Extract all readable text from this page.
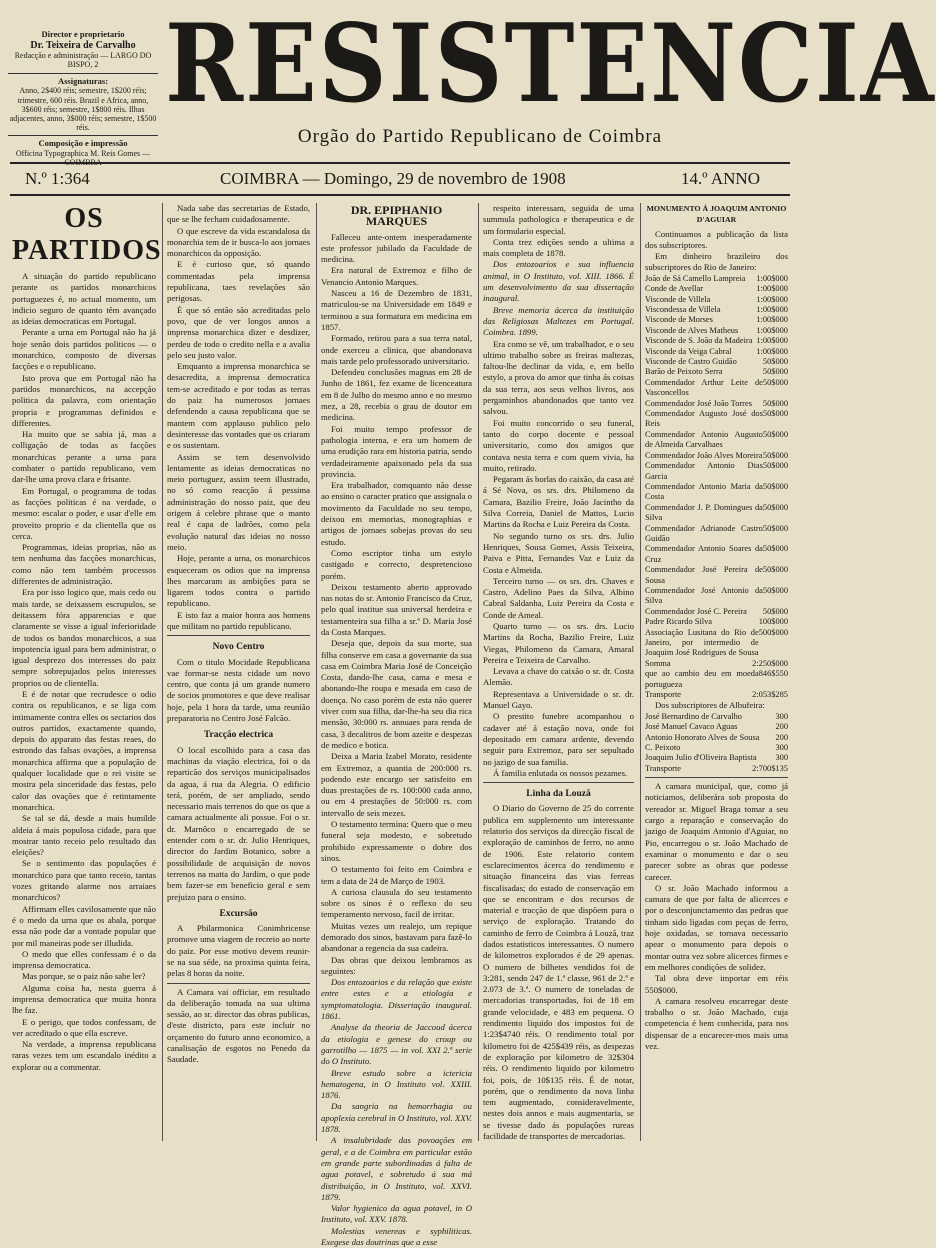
Director e proprietario
Dr. Teixeira de Carvalho
Redacção e administração — LARGO DO BISPO, 2
Assignaturas:
Anno, 2$400 réis; semestre, 1$200 réis; trimestre, 600 réis. Brazil e Africa, anno, 3$600 réis; semestre, 1$800 réis. Ilhas adjacentes, anno, 3$000 réis; semestre, 1$500 réis.
Composição e impressão
Officina Typographica M. Reis Gomes — COIMBRA
RESISTENCIA
Orgão do Partido Republicano de Coimbra
N.º 1:364	COIMBRA — Domingo, 29 de novembro de 1908	14.º ANNO
OS PARTIDOS

A situação do partido republicano perante os partidos monarchicos portuguezes é, no actual momento, um indicio seguro de quanto têm avançado as ideias democraticas em Portugal.

Perante a urna em Portugal não ha já hoje senão dois partidos politicos — o monarchico, composto de diversas facções e o republicano.

Isto prova que em Portugal não ha partidos monarchicos, na accepção politica da palavra, com orientação propria e programmas definidos e differentes.

Ha muito que se sabia já, mas a colligação de todas as facções monarchicas perante a urna para combater o partido republicano, vem dar-lhe uma prova clara e frisante.

Em Portugal, o programma de todas as facções politicas é na verdade, o mesmo: escalar o poder, e usar d'elle em proveito proprio e da clientella que os cerca.

Programmas, ideias proprias, não as tem nenhuma das facções monarchicas, como não tem também processos differentes de administração.

Era por isso logico que, mais cedo ou mais tarde, se deixassem escrupulos, se deitassem fóra apparencias e que claramente se visse a igual inferioridade de todos os bandos monarchicos, a sua impotencia igual para bem administrar, o igual desprezo dos interesses do paiz sempre sobrepujados pelos interesses proprios ou de clientella.

E é de notar que recrudesce o odio contra os republicanos, e se liga com intimamente contra elles os sectarios dos outros partidos, exactamente quando, depois do apparato das festas reaes, do estrondo das falsas ovações, a imprensa monarchica affirma que a população de qualquer localidade que o rei visite se mostra pela sinceridade das festas, pelo calor das ovações que é retintamente monarchica.

Se tal se dá, desde a mais humilde aldeia á mais populosa cidade, para que mostrar tanto receio pelo resultado das eleições?

Se o sentimento das populações é monarchico para que tanto receio, tantas vozes gritando alarme nos arraiaes monarchicos?

Affirmam elles cavilosamente que não é o medo da urna que os abala, porque essa não pode dar a vontade popular que por mil maneiras pode ser illudida.

O medo que elles confessam é o da imprensa democratica.

Mas porque, se o paiz não sabe ler?

Alguma coisa ha, nesta guerra á imprensa democratica que muita honra lhe faz.

E o perigo, que todos confessam, de ver acreditado o que ella escreve.

Na verdade, a imprensa republicana raras vezes tem um escandalo inédito a explorar ou a commentar.

Nada sabe das secretarias de Estado, que se lhe fecham cuidadosamente.

O que escreve da vida escandalosa da monarchia tem de ir busca-lo aos jornaes monarchicos da opposição.

E é curioso que, só quando commentadas pela imprensa republicana, taes revelações são perigosas.

É que só então são acreditadas pelo povo, que de ver longos annos a imprensa monarchica dizer e desdizer, perdeu de todo o credito nella e a avalia pelo seu justo valor.

Emquanto a imprensa monarchica se desacredita, a imprensa democratica tem-se acreditado e por todas as terras do paiz ha numerosos jornaes defendendo a causa republicana que se mantem com applauso publico pelo desinteresse das vontades que os criaram e os sustentam.

Assim se tem desenvolvido lentamente as ideias democraticas no meio portuguez, assim teem illustrado, no só como reacção á pessima administração do nosso paiz, que deu origem á celebre phrase que o manto real é capa de ladrões, como pela evolução natural das ideias no nosso meio.

Hoje, perante a urna, os monarchicos esqueceram os odios que na imprensa lhes marcaram as ambições para se ligarem todos contra o partido republicano.

E isto faz a maior honra aos homens que militam no partido republicano.

Novo Centro

Com o titulo Mocidade Republicana vae formar-se nesta cidade um novo centro, que conta já um grande numero de socios promotores e que deve realisar hoje, pela 1 hora da tarde, uma reunião preparatoria no Centro José Falcão.

Tracção electrica

O local escolhido para a casa das machinas da viação electrica, foi o da reparticão dos serviços municipalisados da agua, á rua da Alegria. O edificio terá, porém, de ser ampliado, sendo necessario mais terrenos do que os que a camara actualmente ali possue. Foi o sr. dr. Marnôco o encarregado de se entender com o sr. dr. Julio Henriques, director do Jardim Botanico, sobre a possibilidade de acquisição de novos terrenos na matta do Jardim, o que pode bem fazer-se em beneficio geral e sem prejuizo para o ensino.

Excursão

A Philarmonica Conimbricense promove uma viagem de recreio ao norte do paiz. Por esse motivo devem reunir-se na sua séde, na proxima quinta feira, pelas 8 horas da noite.

A Camara vai officiar, em resultado da deliberação tomada na sua ultima sessão, ao sr. director das obras publicas, d'este districto, para este incluir no orçamento do futuro anno economico, a canalisação de esgotos no Penedo da Saudade.

DR. EPIPHANIO MARQUES

Falleceu ante-ontem inesperadamente este professor jubilado da Faculdade de medicina.

Era natural de Extremoz e filho de Venancio Antonio Marques.

Nasceu a 16 de Dezembro de 1831, matriculou-se na Universidade em 1849 e terminou a sua formatura em medicina em 1857.

Formado, retirou para a sua terra natal, onde exerceu a clinica, que abandonava mais tarde pelo professorado universitario.

Defendeu conclusões magnas em 28 de Junho de 1861, fez exame de licenceatura em 8 de Julho do mesmo anno e no mesmo mez, a 28, recebia o grau de doutor em medicina.

Foi muito tempo professor de pathologia interna, e era um homem de uma erudição rara em historia patria, sendo verdadeiramente apaixonado pela da sua provincia.

Era trabalhador, comquanto não desse ao ensino o caracter pratico que assignala o movimento da Faculdade no seu tempo, deixou em memorias, monographias e artigos de jornaes sobejas provas do seu estudo.

Como escriptor tinha um estylo castigado e correcto, despretencioso porém.

Deixou testamento aberto approvado nas notas do sr. Antonio Francisco da Cruz, pelo qual institue sua universal herdeira e testamenteira sua filha a sr.ª D. Maria José da Costa Marques.

Deseja que, depois da sua morte, sua filha conserve em casa a governante da sua casa em Coimbra Maria José de Conceição Costa, dando-lhe casa, cama e mesa e abonando-lhe roupa e mesada em caso de doença. No caso porém de esta não querer viver com sua filha, dar-lhe-ha seu dia rica mensão, 30:000 rs. annuaes para renda de casa, 3 decalitros de bom azeite e despezas de medico e botica.

Deixa a Maria Izabel Morato, residente em Extremoz, a quantia de 200:000 rs. podendo este encargo ser satisfeito em duas prestações de rs. 100:000 cada anno, ou em 4 prestações de 50:000 rs. com intervallo de seis mezes.

O testamento termina: Quero que o meu funeral seja modesto, e sobretudo prohibido expressamente o dobre dos sinos.

O testamento foi feito em Coimbra e tem a data de 24 de Março de 1903.

A curiosa clausula do seu testamento sobre os sinos é o reflexo do seu temperamento nervoso, facil de irritar.

Muitas vezes um realejo, um repique demorado dos sinos, bastavam para fazê-lo abandonar a regencia da sua cadeira.

Das obras que deixou lembramos as seguintes:

Dos entozoarios e da relação que existe entre estes e a etiologia e symptomatologia. Dissertação inaugural. 1861.

Analyse da theoria de Jaccoud ácerca da etiologia e genese do croup ou garrotilho — 1875 — in vol. XXI 2.ª serie do O Instituto.

Breve estudo sobre a ictericia hematogena, in O Instituto vol. XXIII. 1876.

Da sangria na hemorrhagia ou apoplexia cerebral in O Instituto, vol. XXV. 1878.

A insalubridade das povoações em geral, e a de Coimbra em particular estão em grande parte subordinadas á falta de agua potavel, e sobretudo á sua má distribuição, in O Instituto, vol. XXVI. 1879.

Valor hygienico da agua potavel, in O Instituto, vol. XXV. 1878.

Molestias venereas e syphiliticas. Exegese das doutrinas que a esse

respeito interessam, seguida de uma summula pathologica e therapeutica e de um formulario especial.

Conta trez edições sendo a ultima a mais completa de 1878.

Dos entozoarios e sua influencia animal, in O Instituto, vol. XIII. 1866. É um desenvolvimento da sua dissertação inaugural.

Breve memoria ácerca da instituição das Religiosas Maltezes em Portugal. Coimbra. 1899.

Era como se vê, um trabalhador, e o seu ultimo trabalho sobre as freiras maltezas, faltou-lhe declinar da vida, e, em bello estylo, a prova do amor que tinha ás coisas da sua terra, aos seus velhos livros, aos pergaminhos abandonados que tanto vez salvou.

Foi muito concorrido o seu funeral, tanto do corpo docente e pessoal universitario, como dos amigos que contava nesta terra e com quem vivia, ha muito, retirado.

Pegaram ás borlas do caixão, da casa até á Sé Nova, os srs. drs. Philomeno da Camara, Bazilio Freire, João Jacintho da Silva Correia, Daniel de Mattos, Lucio Martins da Rocha e Luiz Pereira da Costa.

No segundo turno os srs. drs. Julio Henriques, Sousa Gomes, Assis Teixeira, Paiva e Pitta, Fernandes Vaz e Luiz da Costa e Almeida.

Terceiro turno — os srs. drs. Chaves e Castro, Adelino Paes da Silva, Albino Cabral Saldanha, Luiz Pereira da Costa e Conde de Ameal.

Quarto turno — os srs. drs. Lucio Martins da Rocha, Bazilio Freire, Luiz Viegas, Philomeno da Camara, Amaral Pereira e Teixeira de Carvalho.

Levava a chave do caixão o sr. dr. Costa Alemão.

Representava a Universidade o sr. dr. Manuel Gayo.

O prestito funebre acompanhou o cadaver até á estação nova, onde foi depositado em camara ardente, devendo seguir para Extremoz, para ser sepultado no jazigo de sua familia.

Á familia enlutada os nossos pezames.

Linha da Louzã

O Diario do Governo de 25 do corrente publica em supplemento um interessante relatorio dos serviços da direcção fiscal de exploração de caminhos de ferro, no anno de 1906. Este relatorio contem esclarecimentos ácerca do rendimento e situação financeira das vias ferreas fiscalisadas; do estado de conservação em que se encontram e dos recursos de material e tracção de que dispõem para o serviço de exploração. Tratando do caminho de ferro de Coimbra á Louzã, traz dados estatisticos interessantes. O numero de kilometros explorados é de 29 apenas. O numero de bilhetes vendidos foi de 3:281, sendo 247 de 1.ª classe, 961 de 2.ª e 2.073 de 3.ª. O numero de toneladas de mercadorias transportadas, foi de 18 em grande velocidade, e 483 em pequena. O rendimento liquido dos impostos foi de 1:23$4740 réis. O rendimento total por kilometro foi de 425$439 réis, as despezas de exploração por kilometro de 32$304 réis. O rendimento liquido por kilometro foi, pois, de 10$135 réis. É de notar, porém, que o rendimento da nova linha tem augmentado, consideravelmente, nestes dois annos e mais augmentaria, se se tivesse dado ás populações rureas facilidade de transportes de mercadorias.

MONUMENTO Á JOAQUIM ANTONIO D'AGUIAR

Continuamos a publicação da lista dos subscriptores.

Em dinheiro brazileiro dos subscriptores do Rio de Janeiro:

João de Sá Camello Lampreia 1:00$000
Conde de Avellar	1:00$000
Visconde de Villela	1:00$000
Viscondessa de Villela	1:00$000
Visconde de Morses	1:00$000
Visconde de Alves Matheus 1:00$000
Visconde de S. João da Madeira 1:00$000
Visconde da Veiga Cabral	1:00$000
Visconde de Castro Guidão	50$000
Barão de Peixoto Serra	50$000
Commendador Arthur Leite de Vasconcellos
50$000
Commendador José João Torres 50$000
Commendador Augusto José dos Reis
50$000
Commendador Antonio Augusto de Almeida Carvalhaes
50$000
Commendador João Alves Moreira 50$000
Commendador Antonio Dias Garcia
50$000
Commendador Antonio Maria da Costa
50$000
Commendador J. P. Domingues da Silva
50$000
Commendador Adrianode Castro Guidão
50$000
Commendador Antonio Soares da Cruz
50$000
Commendador José Pereira de Sousa
50$000
Commendador José Antonio da Silva
50$000
Commendador José C. Pereira 50$000
Padre Ricardo Silva	100$000
Associação Lusitana do Rio de Janeiro, por intermedio de Joaquim José Rodrigues de Sousa
500$000
Somma	2:250$000
que ao cambio deu em moeda portugueza
846$550
Transporte	2:053$285

Dos subscriptores de Albufeira:

José Bernardino de Carvalho	300
José Manuel Cavaco Aguas	200
Antonio Honorato Alves de Sousa 200
C. Peixoto	300
Joaquim Julio d'Oliveira Baptista 300
Transporte	2:700$135

A camara municipal, que, como já noticiamos, deliberára sob proposta do vereador sr. Miguel Braga tomar a seu cargo a reparação e conservação do jazigo de Joaquim Antonio d'Aguiar, no Pio, encarregou o sr. João Machado de examinar o monumento e dar o seu parecer sobre as obras que podesse carecer.

O sr. João Machado informou a camara de que por falta de alicerces e por o desconjunctamento das pedras que tinham sido ligadas com peças de ferro, hoje oxidadas, se tornava necessario apear o monumento para depois o montar outra vez sobre alicerces firmes e em melhores condições de solidez.

Tal obra deve importar em réis 550$000.

A camara resolveu encarregar deste trabalho o sr. João Machado, cuja competencia é bem conhecida, para nos dispensar de a encarecer-mos mais uma vez.
